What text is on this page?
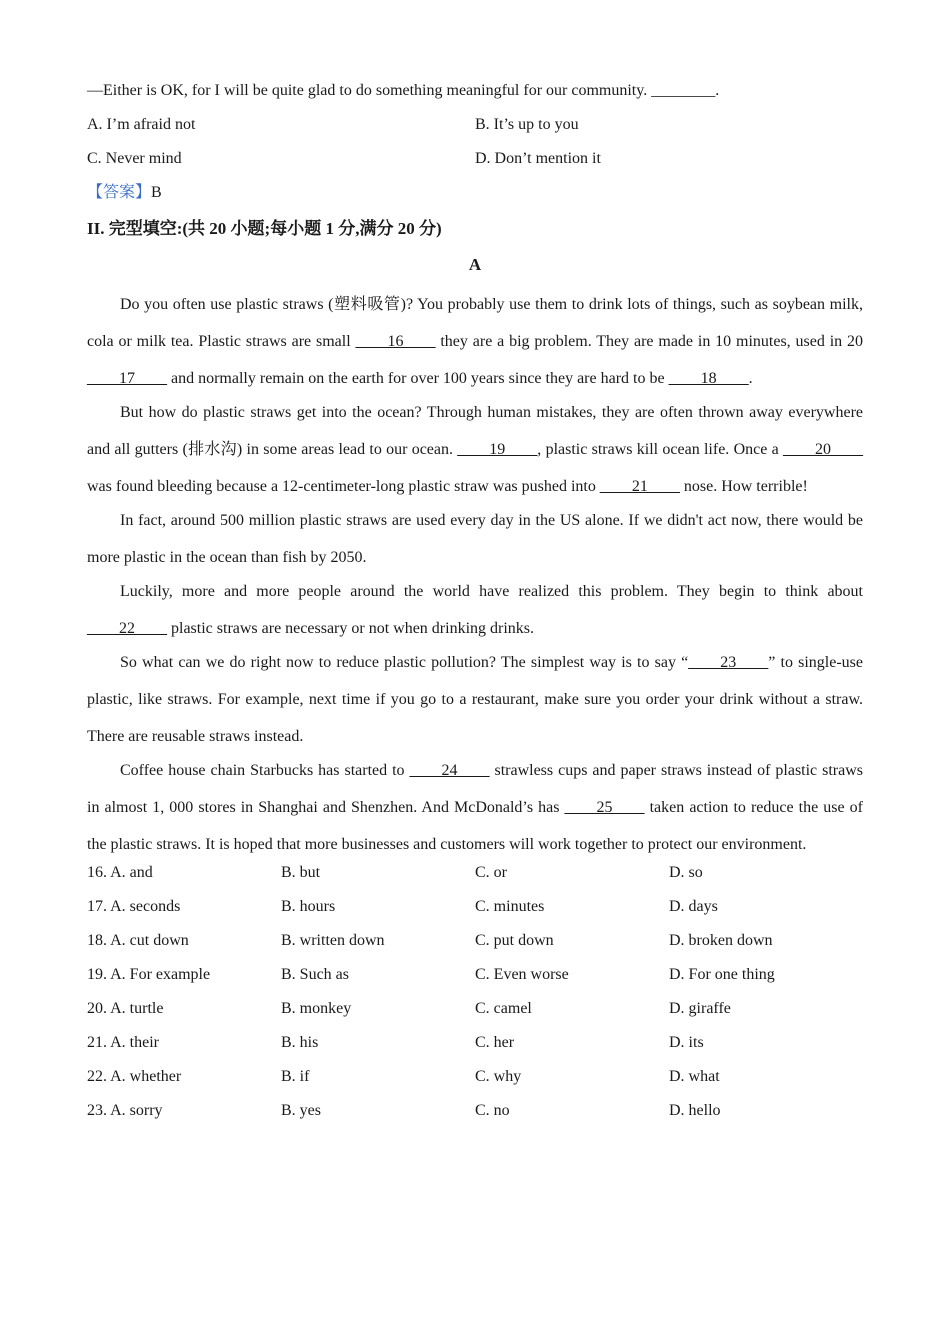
—Either is OK, for I will be quite glad to do something meaningful for our community. ________.
A. I’m afraid not	B. It’s up to you
C. Never mind	D. Don’t mention it
【答案】B
II. 完型填空:(共 20 小题;每小题 1 分,满分 20 分)
A

Do you often use plastic straws (塑料吸管)? You probably use them to drink lots of things, such as soybean milk, cola or milk tea. Plastic straws are small ____16____ they are a big problem. They are made in 10 minutes, used in 20 ____17____ and normally remain on the earth for over 100 years since they are hard to be ____18____.

But how do plastic straws get into the ocean? Through human mistakes, they are often thrown away everywhere and all gutters (排水沟) in some areas lead to our ocean. ____19____, plastic straws kill ocean life. Once a ____20____ was found bleeding because a 12-centimeter-long plastic straw was pushed into ____21____ nose. How terrible!

In fact, around 500 million plastic straws are used every day in the US alone. If we didn't act now, there would be more plastic in the ocean than fish by 2050.

Luckily, more and more people around the world have realized this problem. They begin to think about ____22____ plastic straws are necessary or not when drinking drinks.

So what can we do right now to reduce plastic pollution? The simplest way is to say “____23____” to single-use plastic, like straws. For example, next time if you go to a restaurant, make sure you order your drink without a straw. There are reusable straws instead.

Coffee house chain Starbucks has started to ____24____ strawless cups and paper straws instead of plastic straws in almost 1, 000 stores in Shanghai and Shenzhen. And McDonald’s has ____25____ taken action to reduce the use of the plastic straws. It is hoped that more businesses and customers will work together to protect our environment.

16. A. and	B. but	C. or	D. so
17. A. seconds	B. hours	C. minutes	D. days
18. A. cut down	B. written down	C. put down	D. broken down
19. A. For example	B. Such as	C. Even worse	D. For one thing
20. A. turtle	B. monkey	C. camel	D. giraffe
21. A. their	B. his	C. her	D. its
22. A. whether	B. if	C. why	D. what
23. A. sorry	B. yes	C. no	D. hello
